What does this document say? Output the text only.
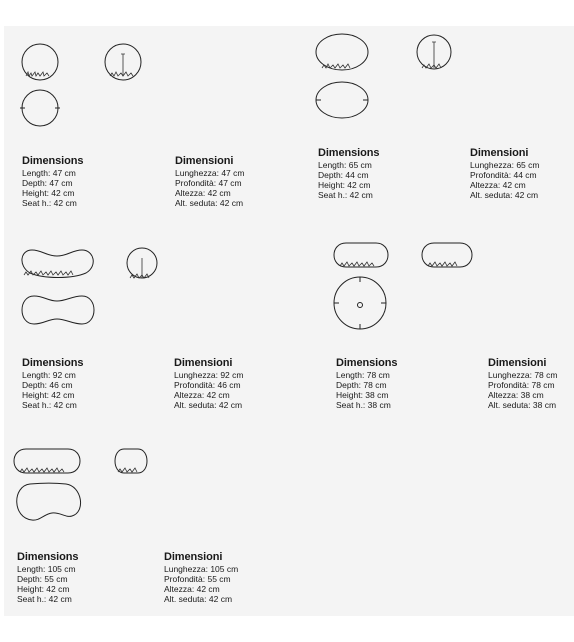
Dimensions
Length: 47 cm
Depth: 47 cm
Height: 42 cm
Seat h.: 42 cm
Dimensioni
Lunghezza: 47 cm
Profondità: 47 cm
Altezza: 42 cm
Alt. seduta: 42 cm
Dimensions
Length: 65 cm
Depth: 44 cm
Height: 42 cm
Seat h.: 42 cm
Dimensioni
Lunghezza: 65 cm
Profondità: 44 cm
Altezza: 42 cm
Alt. seduta: 42 cm
Dimensions
Length: 92 cm
Depth: 46 cm
Height: 42 cm
Seat h.: 42 cm
Dimensioni
Lunghezza: 92 cm
Profondità: 46 cm
Altezza: 42 cm
Alt. seduta: 42 cm
Dimensions
Length: 78 cm
Depth: 78 cm
Height: 38 cm
Seat h.: 38 cm
Dimensioni
Lunghezza: 78 cm
Profondità: 78 cm
Altezza: 38 cm
Alt. seduta: 38 cm
Dimensions
Length: 105 cm
Depth: 55 cm
Height: 42 cm
Seat h.: 42 cm
Dimensioni
Lunghezza: 105 cm
Profondità: 55 cm
Altezza: 42 cm
Alt. seduta: 42 cm
